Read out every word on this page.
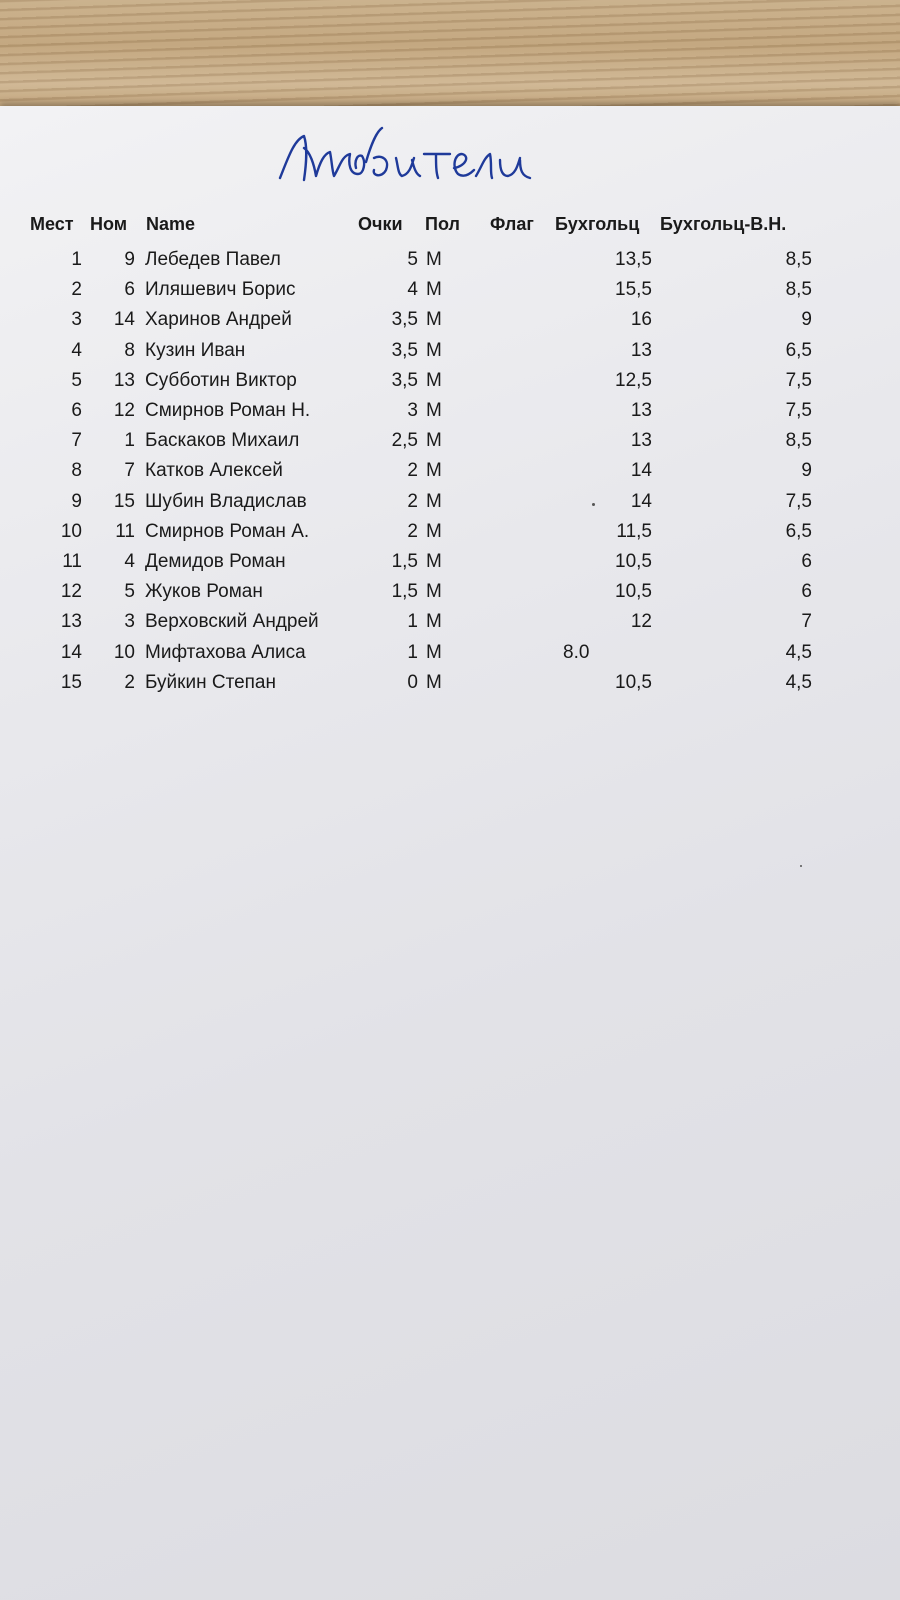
Мест Ном Name	Очки Пол Флаг Бухгольц Бухгольц-В.Н.
1 9 Лебедев Павел	5 M	13,5	8,5
2 6 Иляшевич Борис	4 M	15,5	8,5
3 14 Харинов Андрей	3,5 M	16	9
4 8 Кузин Иван	3,5 M	13	6,5
5 13 Субботин Виктор	3,5 M	12,5	7,5
6 12 Смирнов Роман Н.	3 M	13	7,5
7 1 Баскаков Михаил	2,5 M	13	8,5
8 7 Катков Алексей	2 M	14	9
9 15 Шубин Владислав	2 M	14	7,5
10 11 Смирнов Роман А.	2 M	11,5	6,5
11 4 Демидов Роман	1,5 M	10,5	6
12 5 Жуков Роман	1,5 M	10,5	6
13 3 Верховский Андрей	1 M	12	7
14 10 Мифтахова Алиса	1 M	8.0	4,5
15 2 Буйкин Степан	0 M	10,5	4,5
